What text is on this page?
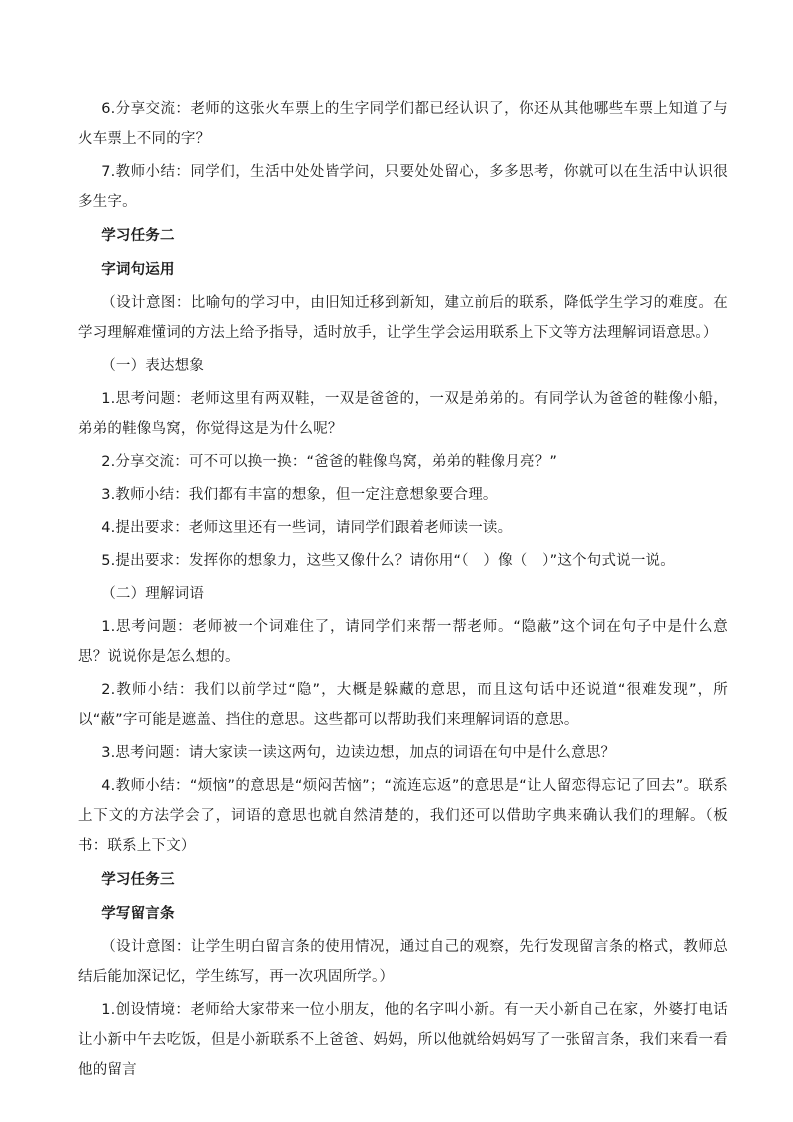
6.分享交流：老师的这张火车票上的生字同学们都已经认识了，你还从其他哪些车票上知道了与火车票上不同的字？

7.教师小结：同学们，生活中处处皆学问，只要处处留心，多多思考，你就可以在生活中认识很多生字。

学习任务二

字词句运用

（设计意图：比喻句的学习中，由旧知迁移到新知，建立前后的联系，降低学生学习的难度。在学习理解难懂词的方法上给予指导，适时放手，让学生学会运用联系上下文等方法理解词语意思。）

（一）表达想象

1.思考问题：老师这里有两双鞋，一双是爸爸的，一双是弟弟的。有同学认为爸爸的鞋像小船，弟弟的鞋像鸟窝，你觉得这是为什么呢？

2.分享交流：可不可以换一换：“爸爸的鞋像鸟窝，弟弟的鞋像月亮？”

3.教师小结：我们都有丰富的想象，但一定注意想象要合理。

4.提出要求：老师这里还有一些词，请同学们跟着老师读一读。

5.提出要求：发挥你的想象力，这些又像什么？请你用“（　）像（　）”这个句式说一说。

（二）理解词语

1.思考问题：老师被一个词难住了，请同学们来帮一帮老师。“隐蔽”这个词在句子中是什么意思？说说你是怎么想的。

2.教师小结：我们以前学过“隐”，大概是躲藏的意思，而且这句话中还说道“很难发现”，所以“蔽”字可能是遮盖、挡住的意思。这些都可以帮助我们来理解词语的意思。

3.思考问题：请大家读一读这两句，边读边想，加点的词语在句中是什么意思？

4.教师小结：“烦恼”的意思是“烦闷苦恼”；“流连忘返”的意思是“让人留恋得忘记了回去”。联系上下文的方法学会了，词语的意思也就自然清楚的，我们还可以借助字典来确认我们的理解。（板书：联系上下文）

学习任务三

学写留言条

（设计意图：让学生明白留言条的使用情况，通过自己的观察，先行发现留言条的格式，教师总结后能加深记忆，学生练写，再一次巩固所学。）

1.创设情境：老师给大家带来一位小朋友，他的名字叫小新。有一天小新自己在家，外婆打电话让小新中午去吃饭，但是小新联系不上爸爸、妈妈，所以他就给妈妈写了一张留言条，我们来看一看他的留言
